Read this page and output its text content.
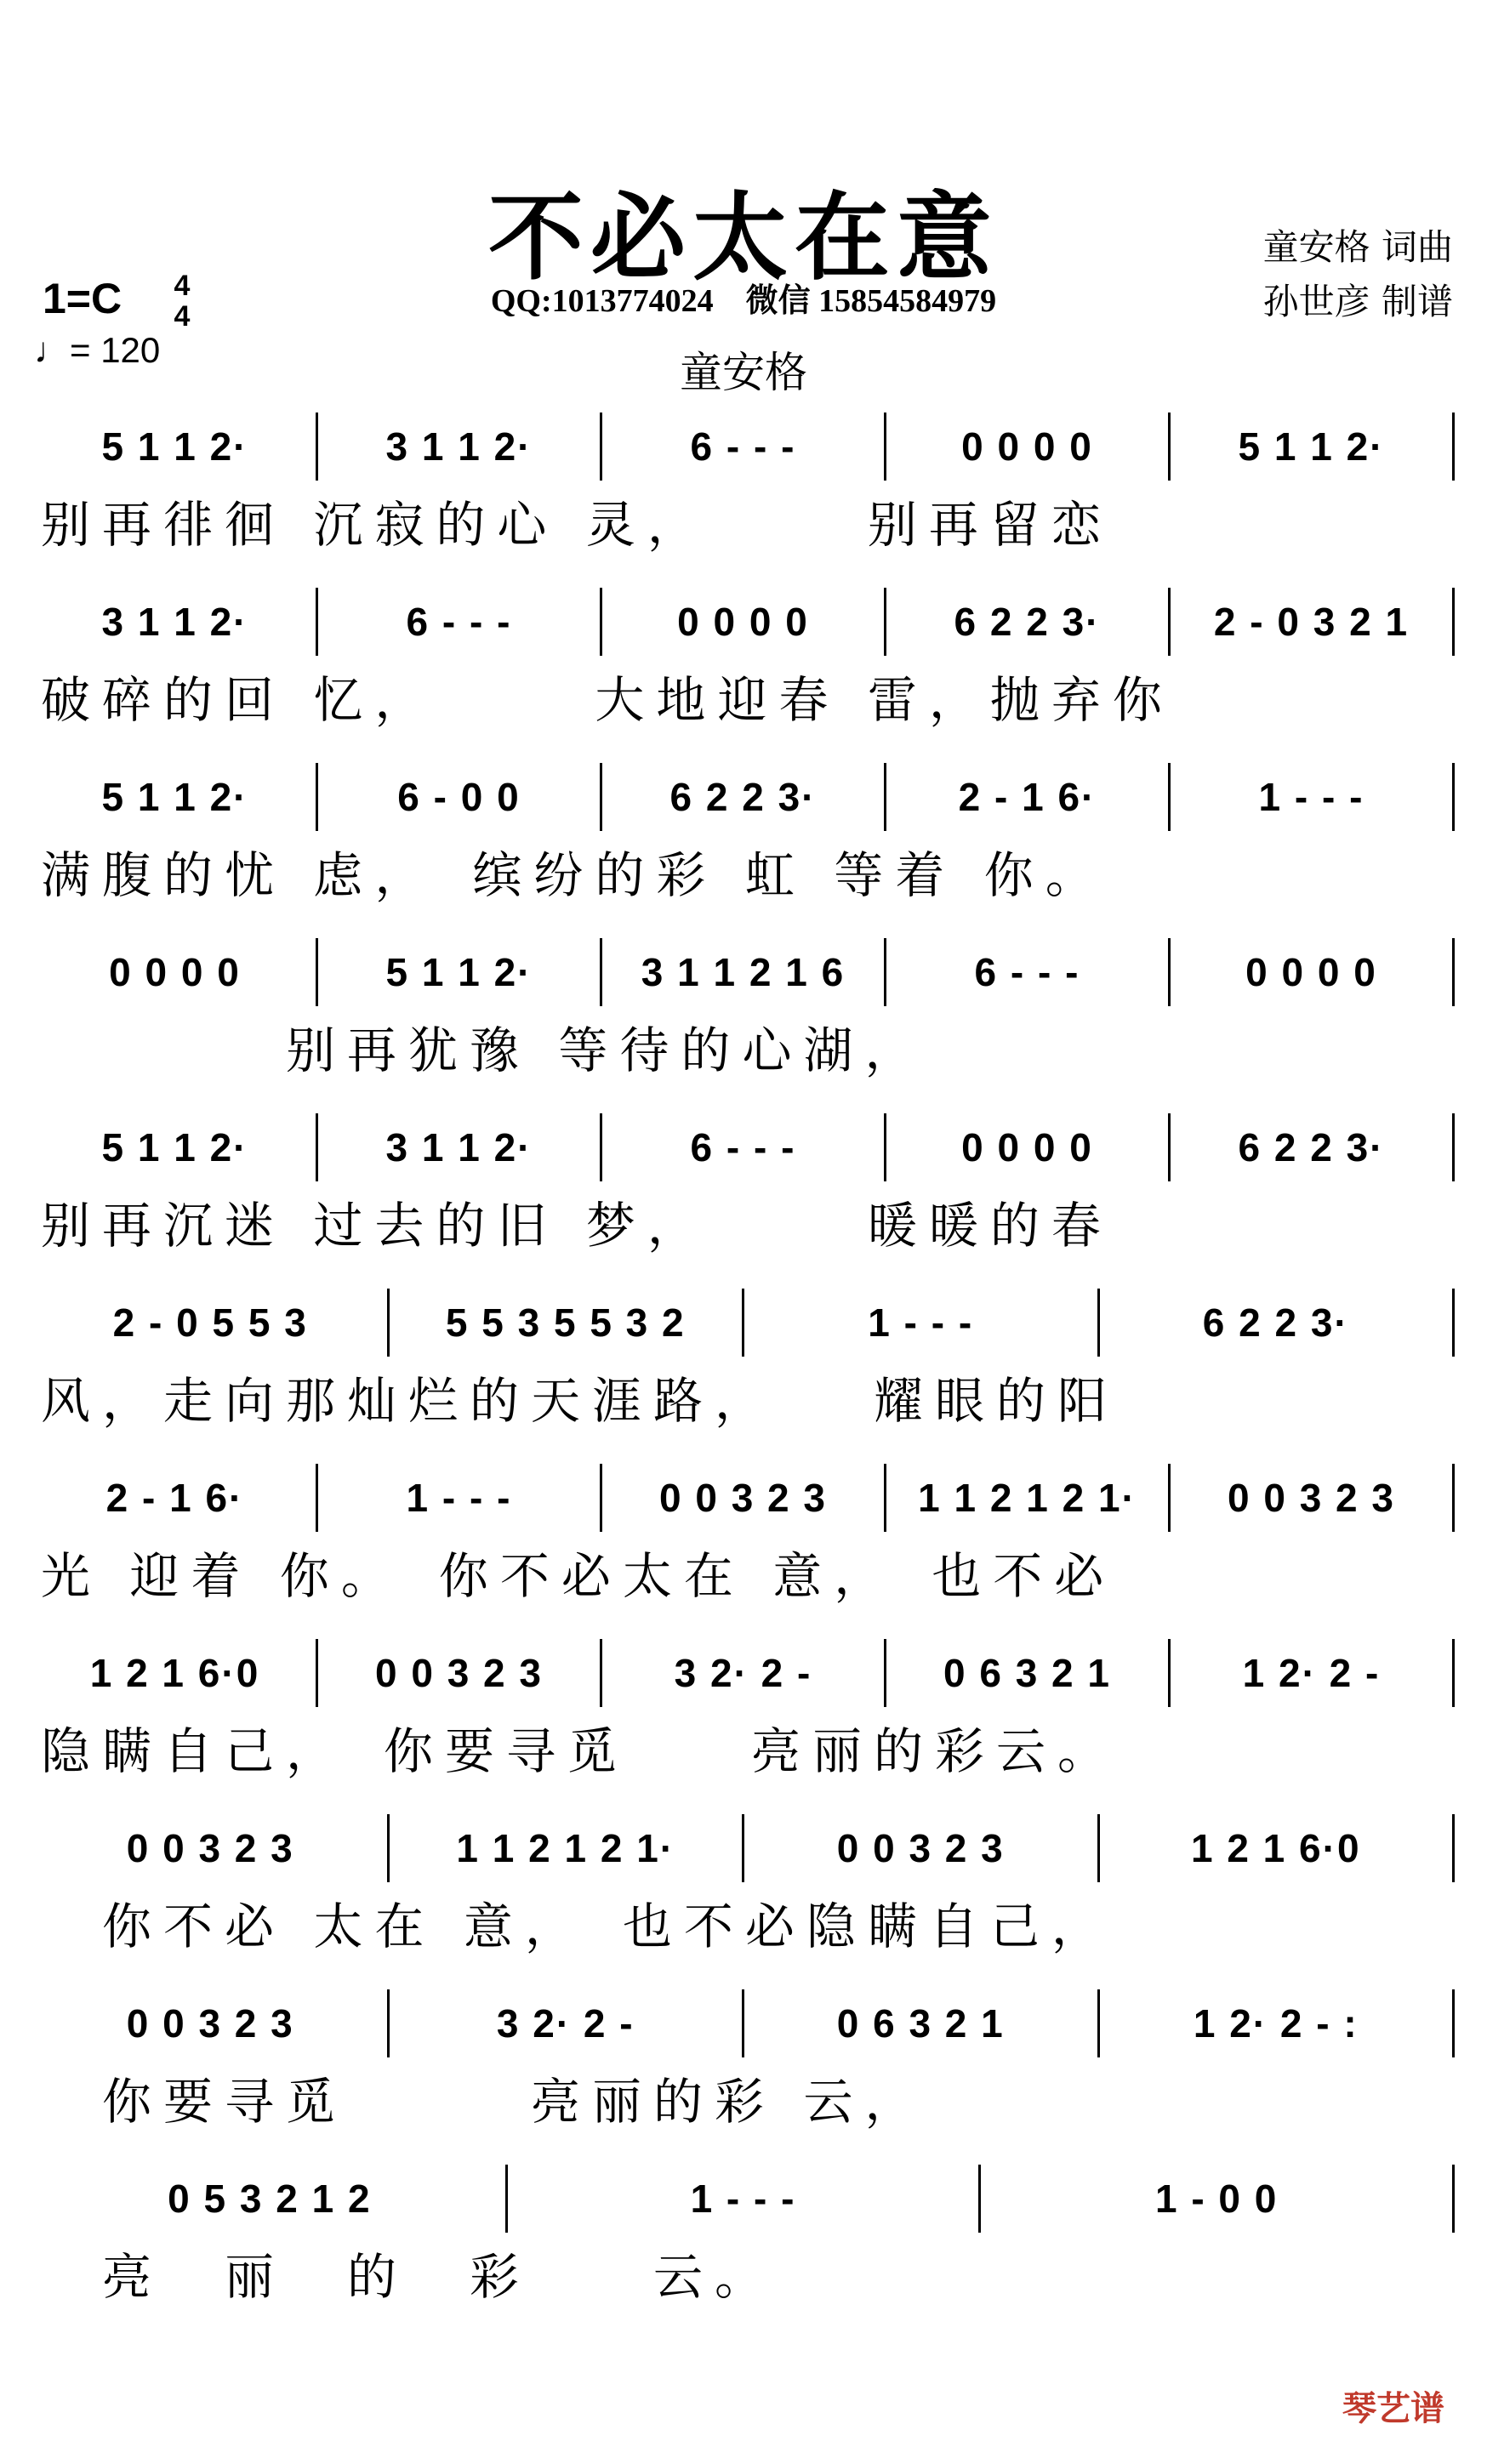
不必太在意
QQ:1013774024　微信 15854584979
童安格 词曲
孙世彦 制谱
1=C	4
4
♩= 120	童安格
5 1 1 2·	3 1 1 2·	6 - - -	0 0 0 0	5 1 1 2·
别再徘徊 沉寂的心 灵，　　　别再留恋
3 1 1 2·	6 - - -	0 0 0 0	6 2 2 3·	2 - 0 3 2 1
破碎的回 忆，　　　大地迎春 雷，抛弃你
5 1 1 2·	6 - 0 0	6 2 2 3·	2 - 1 6·	1 - - -
满腹的忧 虑，　缤纷的彩 虹 等着 你。
0 0 0 0	5 1 1 2·	3 1 1 2 1 6	6 - - -	0 0 0 0
　　　　别再犹豫 等待的心湖，
5 1 1 2·	3 1 1 2·	6 - - -	0 0 0 0	6 2 2 3·
别再沉迷 过去的旧 梦，　　　暖暖的春
2 - 0 5 5 3	5 5 3 5 5 3 2	1 - - -	6 2 2 3·
风，走向那灿烂的天涯路，　　耀眼的阳
2 - 1 6·	1 - - -	0 0 3 2 3	1 1 2 1 2 1·	0 0 3 2 3
光 迎着 你。　你不必太在 意，　也不必
1 2 1 6·0	0 0 3 2 3	3 2· 2 -	0 6 3 2 1	1 2· 2 -
隐瞒自己，　你要寻觅　　亮丽的彩云。
0 0 3 2 3	1 1 2 1 2 1·	0 0 3 2 3	1 2 1 6·0
　你不必 太在 意，　也不必隐瞒自己，
0 0 3 2 3	3 2· 2 -	0 6 3 2 1	1 2· 2 - :
　你要寻觅　　　亮丽的彩 云，
0 5 3 2 1 2	1 - - -	1 - 0 0
　亮　丽　的　彩　　云。
琴艺谱
